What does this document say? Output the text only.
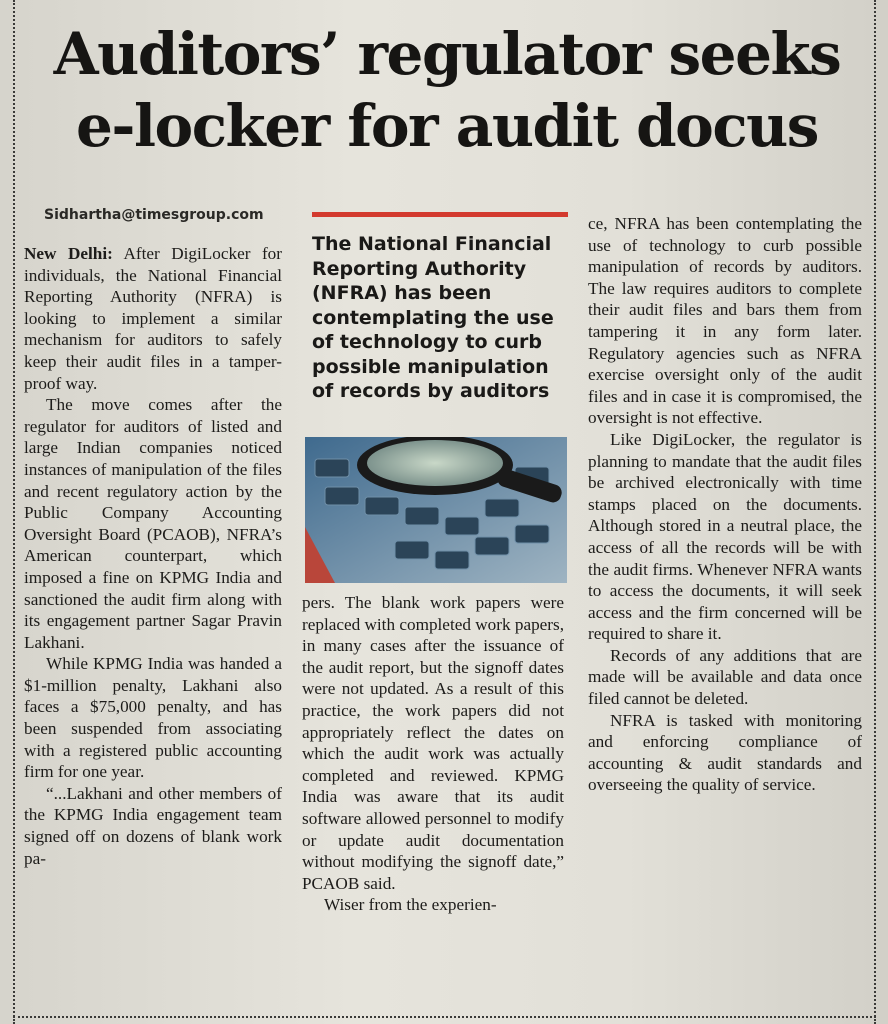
Auditors’ regulator seeks
e-locker for audit docus
Sidhartha@timesgroup.com

New Delhi: After DigiLocker for individuals, the National Financial Reporting Authority (NFRA) is looking to implement a similar mechanism for auditors to safely keep their audit files in a tamper-proof way.

The move comes after the regulator for auditors of listed and large Indian companies noticed instances of manipulation of the files and recent regulatory action by the Public Company Accounting Oversight Board (PCAOB), NFRA’s American counterpart, which imposed a fine on KPMG India and sanctioned the audit firm along with its engagement partner Sagar Pravin Lakhani.

While KPMG India was handed a $1-million penalty, Lakhani also faces a $75,000 penalty, and has been suspended from associating with a registered public accounting firm for one year.

“...Lakhani and other members of the KPMG India engagement team signed off on dozens of blank work pa-

The National Financial Reporting Authority (NFRA) has been contemplating the use of technology to curb possible manipulation of records by auditors

pers. The blank work papers were replaced with completed work papers, in many cases after the issuance of the audit report, but the signoff dates were not updated. As a result of this practice, the work papers did not appropriately reflect the dates on which the audit work was actually completed and reviewed. KPMG India was aware that its audit software allowed personnel to modify or update audit documentation without modifying the signoff date,” PCAOB said.

Wiser from the experien-

ce, NFRA has been contemplating the use of technology to curb possible manipulation of records by auditors. The law requires auditors to complete their audit files and bars them from tampering it in any form later. Regulatory agencies such as NFRA exercise oversight only of the audit files and in case it is compromised, the oversight is not effective.

Like DigiLocker, the regulator is planning to mandate that the audit files be archived electronically with time stamps placed on the documents. Although stored in a neutral place, the access of all the records will be with the audit firms. Whenever NFRA wants to access the documents, it will seek access and the firm concerned will be required to share it.

Records of any additions that are made will be available and data once filed cannot be deleted.

NFRA is tasked with monitoring and enforcing compliance of accounting & audit standards and overseeing the quality of service.
